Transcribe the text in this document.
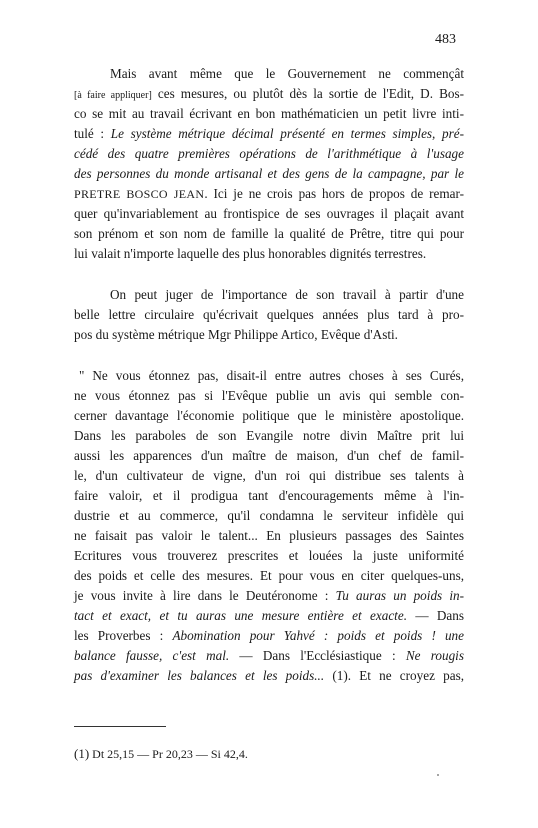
483
Mais avant même que le Gouvernement ne commençât
[à faire appliquer] ces mesures, ou plutôt dès la sortie de l'Edit, D. Bos-
co se mit au travail écrivant en bon mathématicien un petit livre inti-
tulé : Le système métrique décimal présenté en termes simples, pré-
cédé des quatre premières opérations de l'arithmétique à l'usage
des personnes du monde artisanal et des gens de la campagne, par le
PRETRE BOSCO JEAN. Ici je ne crois pas hors de propos de remar-
quer qu'invariablement au frontispice de ses ouvrages il plaçait avant
son prénom et son nom de famille la qualité de Prêtre, titre qui pour
lui valait n'importe laquelle des plus honorables dignités terrestres.
On peut juger de l'importance de son travail à partir d'une
belle lettre circulaire qu'écrivait quelques années plus tard à pro-
pos du système métrique Mgr Philippe Artico, Evêque d'Asti.
" Ne vous étonnez pas, disait-il entre autres choses à ses Curés,
ne vous étonnez pas si l'Evêque publie un avis qui semble con-
cerner davantage l'économie politique que le ministère apostolique.
Dans les paraboles de son Evangile notre divin Maître prit lui
aussi les apparences d'un maître de maison, d'un chef de famil-
le, d'un cultivateur de vigne, d'un roi qui distribue ses talents à
faire valoir, et il prodigua tant d'encouragements même à l'in-
dustrie et au commerce, qu'il condamna le serviteur infidèle qui
ne faisait pas valoir le talent... En plusieurs passages des Saintes
Ecritures vous trouverez prescrites et louées la juste uniformité
des poids et celle des mesures. Et pour vous en citer quelques-uns,
je vous invite à lire dans le Deutéronome : Tu auras un poids in-
tact et exact, et tu auras une mesure entière et exacte. — Dans
les Proverbes : Abomination pour Yahvé : poids et poids ! une
balance fausse, c'est mal. — Dans l'Ecclésiastique : Ne rougis
pas d'examiner les balances et les poids... (1). Et ne croyez pas,
(1) Dt 25,15 — Pr 20,23 — Si 42,4.
